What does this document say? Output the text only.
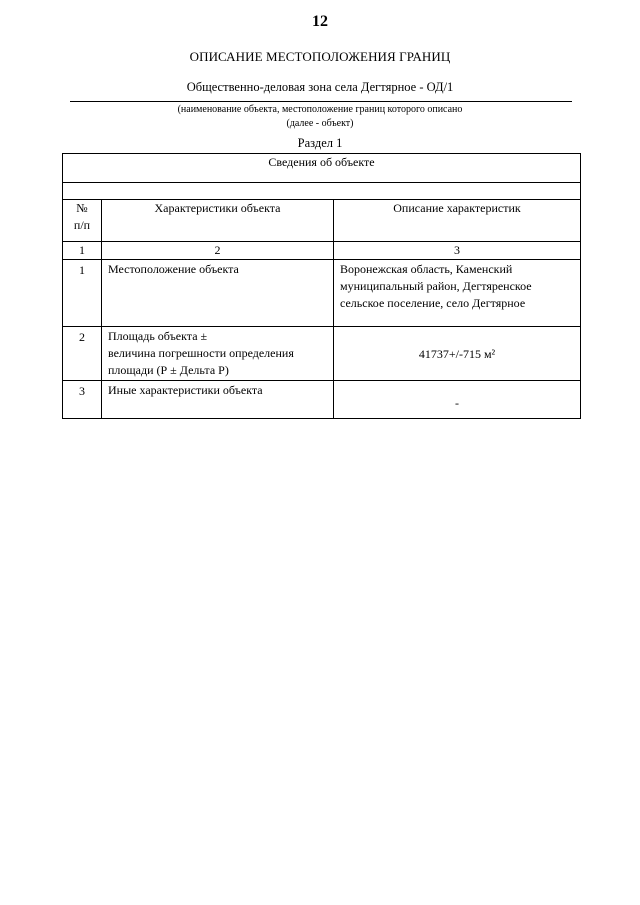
12
ОПИСАНИЕ МЕСТОПОЛОЖЕНИЯ ГРАНИЦ
Общественно-деловая зона села Дегтярное - ОД/1
(наименование объекта, местоположение границ которого описано
(далее - объект)
Раздел 1
Сведения об объекте		

№
п/п	Характеристики объекта	Описание характеристик
1	2	3
1	Местоположение объекта	Воронежская область, Каменский
муниципальный район, Дегтяренское
сельское поселение, село Дегтярное

2	Площадь объекта ±
величина погрешности определения
площади (Р ± Дельта Р)	41737+/-715 м²

3	Иные характеристики объекта	-
